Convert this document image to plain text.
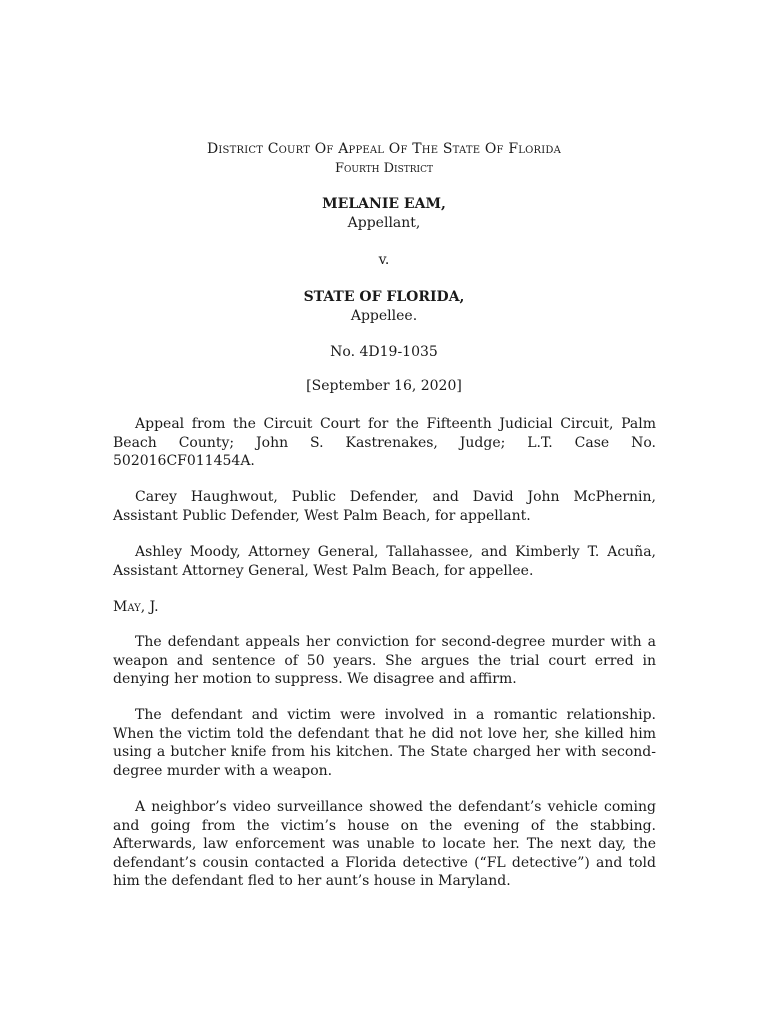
District Court Of Appeal Of The State Of Florida
Fourth District
MELANIE EAM,
Appellant,
v.
STATE OF FLORIDA,
Appellee.
No. 4D19-1035
[September 16, 2020]
Appeal from the Circuit Court for the Fifteenth Judicial Circuit, Palm Beach County; John S. Kastrenakes, Judge; L.T. Case No. 502016CF011454A.
Carey Haughwout, Public Defender, and David John McPhernin, Assistant Public Defender, West Palm Beach, for appellant.
Ashley Moody, Attorney General, Tallahassee, and Kimberly T. Acuña, Assistant Attorney General, West Palm Beach, for appellee.
May, J.
The defendant appeals her conviction for second-degree murder with a weapon and sentence of 50 years. She argues the trial court erred in denying her motion to suppress. We disagree and affirm.
The defendant and victim were involved in a romantic relationship. When the victim told the defendant that he did not love her, she killed him using a butcher knife from his kitchen. The State charged her with second-degree murder with a weapon.
A neighbor’s video surveillance showed the defendant’s vehicle coming and going from the victim’s house on the evening of the stabbing. Afterwards, law enforcement was unable to locate her. The next day, the defendant’s cousin contacted a Florida detective (“FL detective”) and told him the defendant fled to her aunt’s house in Maryland.
